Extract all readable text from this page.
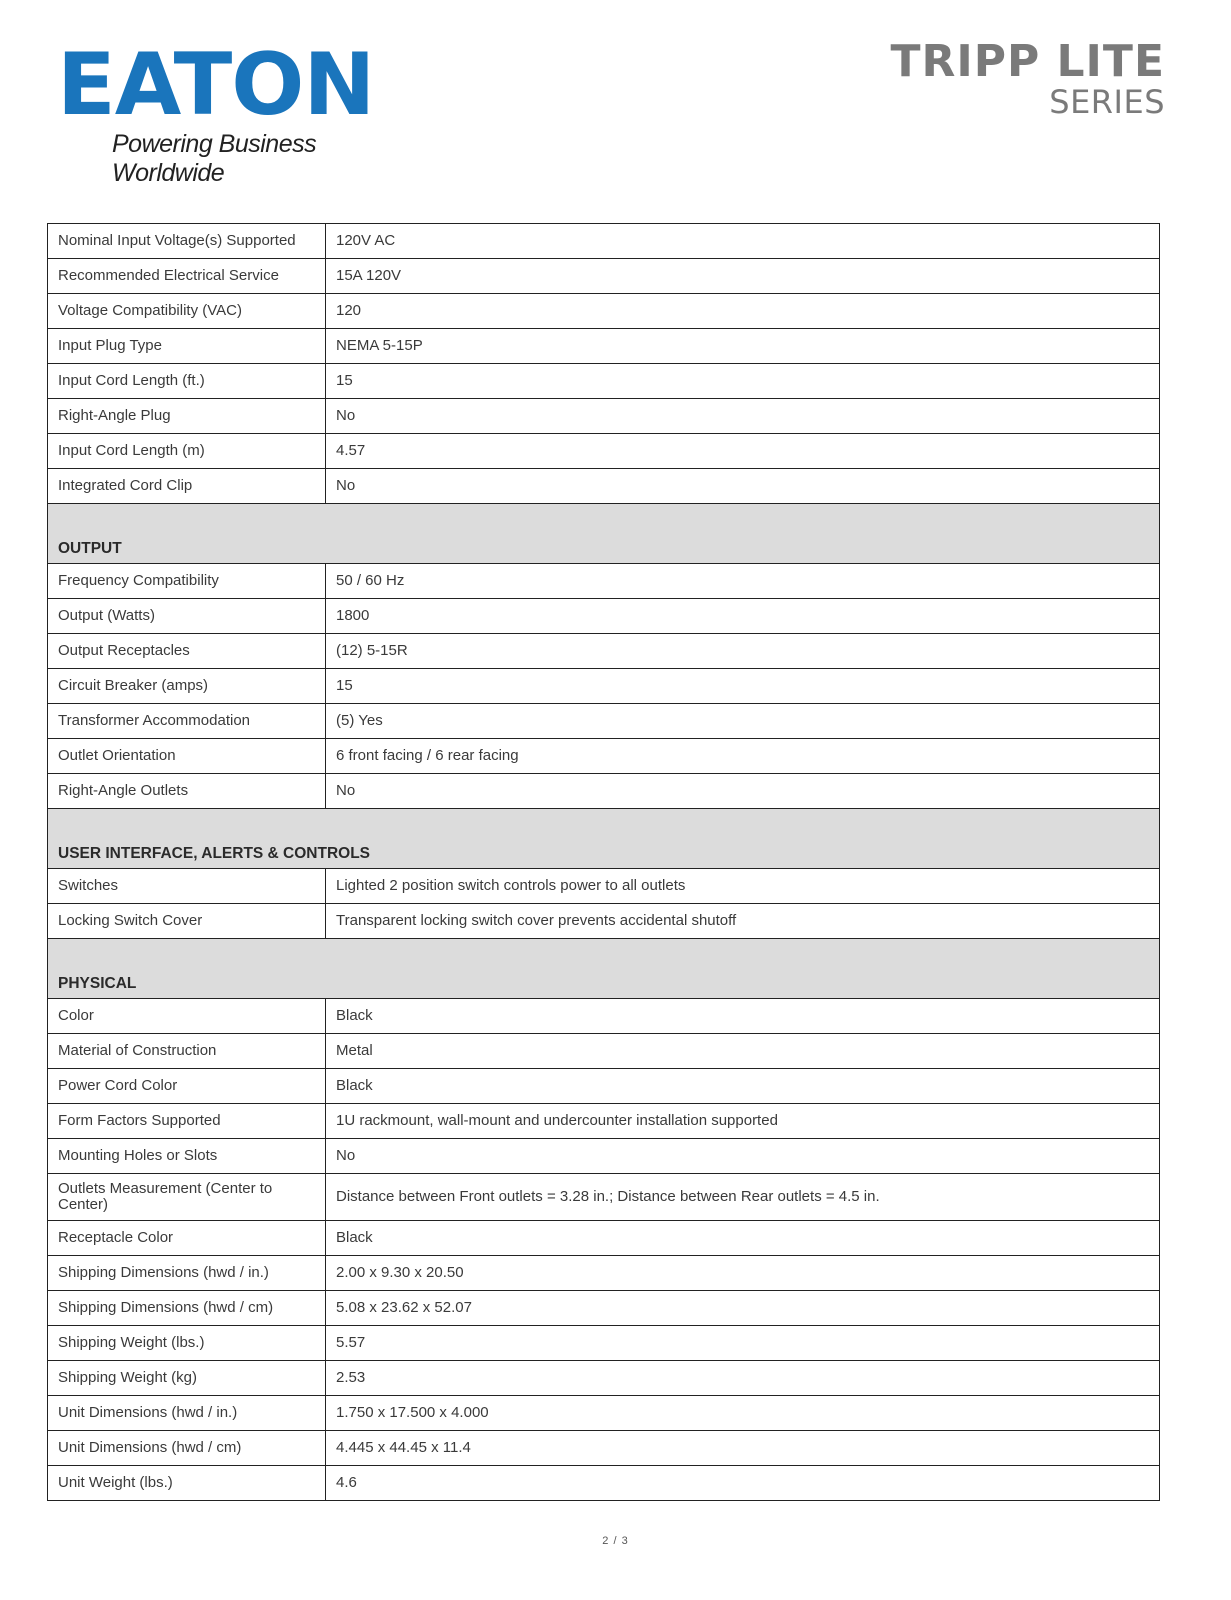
EATON
Powering Business Worldwide
TRIPP LITE
SERIES
Nominal Input Voltage(s) Supported	120V AC
Recommended Electrical Service	15A 120V
Voltage Compatibility (VAC)	120
Input Plug Type	NEMA 5-15P
Input Cord Length (ft.)	15
Right-Angle Plug	No
Input Cord Length (m)	4.57
Integrated Cord Clip	No
OUTPUT	
Frequency Compatibility	50 / 60 Hz
Output (Watts)	1800
Output Receptacles	(12) 5-15R
Circuit Breaker (amps)	15
Transformer Accommodation	(5) Yes
Outlet Orientation	6 front facing / 6 rear facing
Right-Angle Outlets	No
USER INTERFACE, ALERTS & CONTROLS	
Switches	Lighted 2 position switch controls power to all outlets
Locking Switch Cover	Transparent locking switch cover prevents accidental shutoff
PHYSICAL	
Color	Black
Material of Construction	Metal
Power Cord Color	Black
Form Factors Supported	1U rackmount, wall-mount and undercounter installation supported
Mounting Holes or Slots	No
Outlets Measurement (Center to Center)	Distance between Front outlets = 3.28 in.; Distance between Rear outlets = 4.5 in.
Receptacle Color	Black
Shipping Dimensions (hwd / in.)	2.00 x 9.30 x 20.50
Shipping Dimensions (hwd / cm)	5.08 x 23.62 x 52.07
Shipping Weight (lbs.)	5.57
Shipping Weight (kg)	2.53
Unit Dimensions (hwd / in.)	1.750 x 17.500 x 4.000
Unit Dimensions (hwd / cm)	4.445 x 44.45 x 11.4
Unit Weight (lbs.)	4.6
2 / 3
